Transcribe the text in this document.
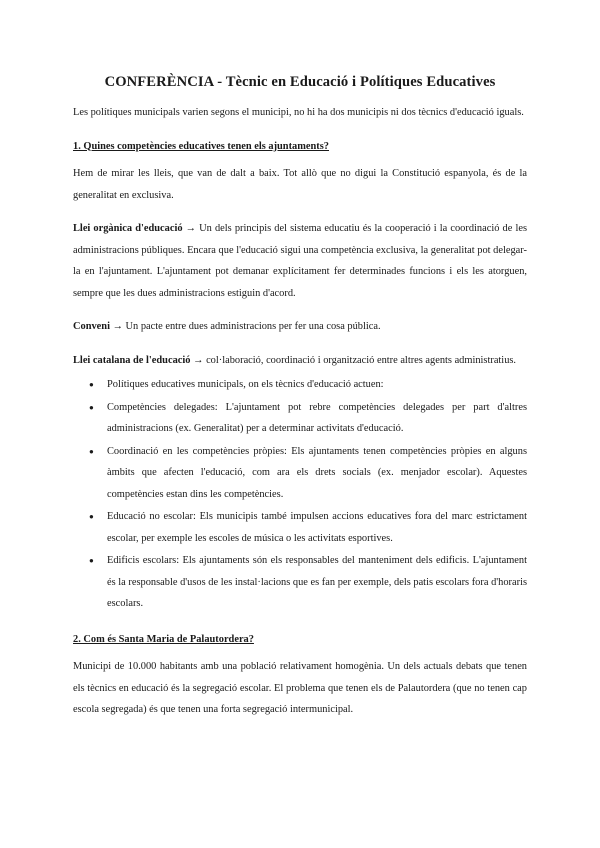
CONFERÈNCIA - Tècnic en Educació i Polítiques Educatives

Les polítiques municipals varien segons el municipi, no hi ha dos municipis ni dos tècnics d'educació iguals.

1. Quines competències educatives tenen els ajuntaments?

Hem de mirar les lleis, que van de dalt a baix. Tot allò que no digui la Constitució espanyola, és de la generalitat en exclusiva.

Llei orgànica d'educació → Un dels principis del sistema educatiu és la cooperació i la coordinació de les administracions públiques. Encara que l'educació sigui una competència exclusiva, la generalitat pot delegar-la en l'ajuntament. L'ajuntament pot demanar explícitament fer determinades funcions i els les atorguen, sempre que les dues administracions estiguin d'acord.

Conveni → Un pacte entre dues administracions per fer una cosa pública.

Llei catalana de l'educació → col·laboració, coordinació i organització entre altres agents administratius.

● Polítiques educatives municipals, on els tècnics d'educació actuen:
● Competències delegades: L'ajuntament pot rebre competències delegades per part d'altres administracions (ex. Generalitat) per a determinar activitats d'educació.
● Coordinació en les competències pròpies: Els ajuntaments tenen competències pròpies en alguns àmbits que afecten l'educació, com ara els drets socials (ex. menjador escolar). Aquestes competències estan dins les competències.
● Educació no escolar: Els municipis també impulsen accions educatives fora del marc estrictament escolar, per exemple les escoles de música o les activitats esportives.
● Edificis escolars: Els ajuntaments són els responsables del manteniment dels edificis. L'ajuntament és la responsable d'usos de les instal·lacions que es fan per exemple, dels patis escolars fora d'horaris escolars.
2. Com és Santa Maria de Palautordera?

Municipi de 10.000 habitants amb una població relativament homogènia. Un dels actuals debats que tenen els tècnics en educació és la segregació escolar. El problema que tenen els de Palautordera (que no tenen cap escola segregada) és que tenen una forta segregació intermunicipal.
